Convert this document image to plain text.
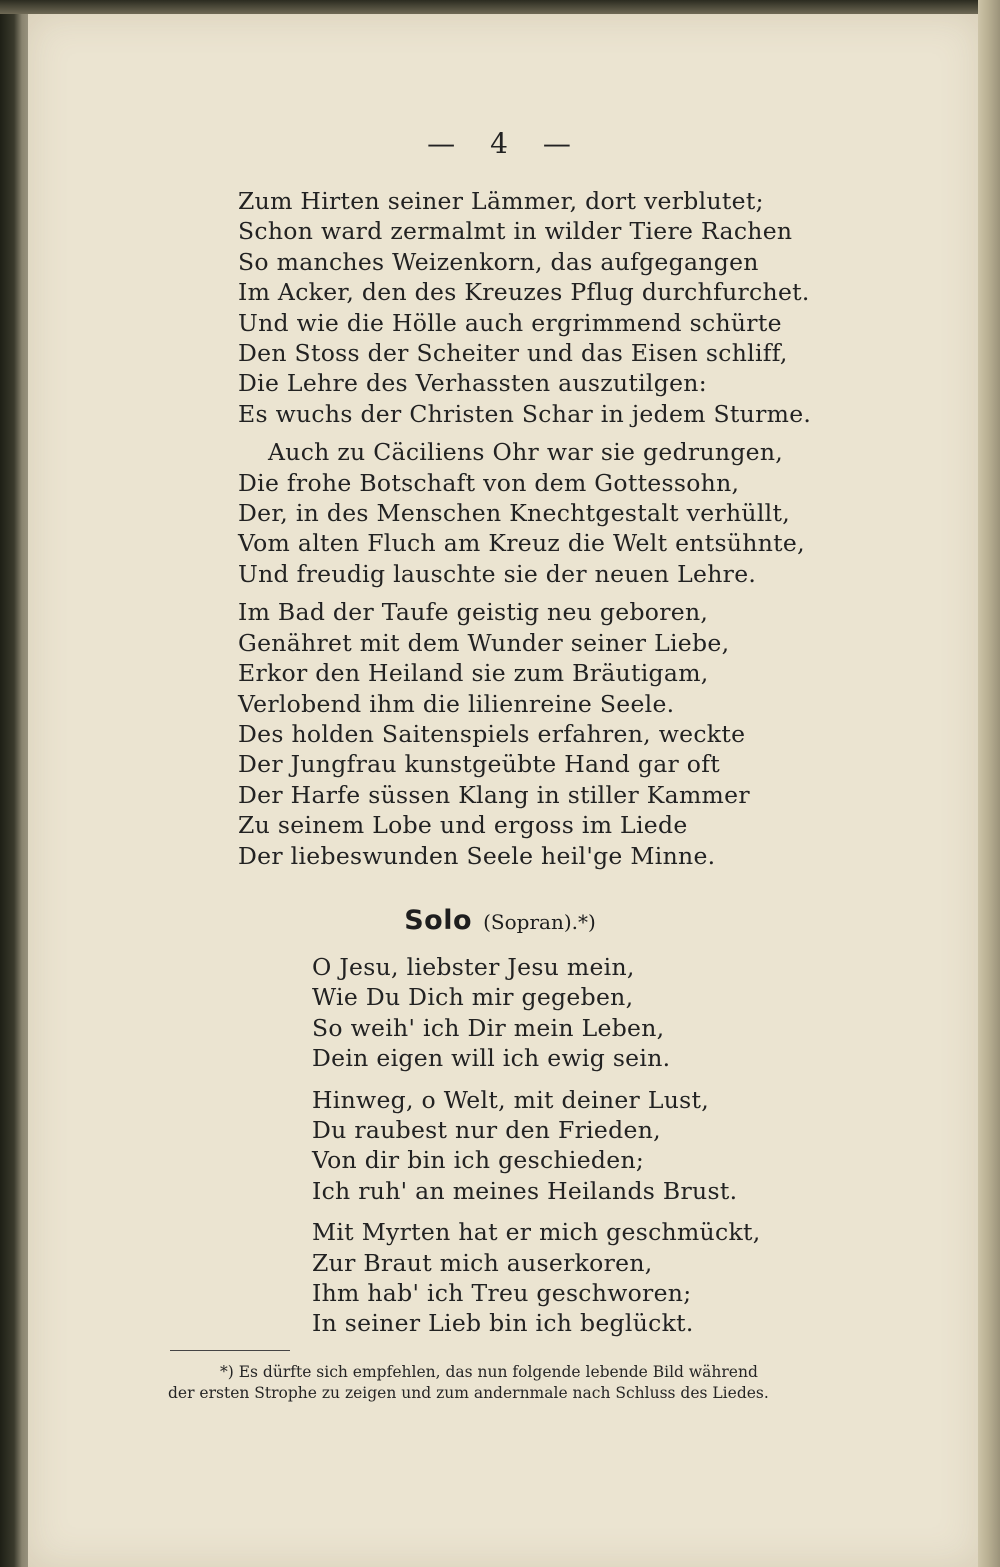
— 4 —

Zum Hirten seiner Lämmer, dort verblutet;

Schon ward zermalmt in wilder Tiere Rachen

So manches Weizenkorn, das aufgegangen

Im Acker, den des Kreuzes Pflug durchfurchet.

Und wie die Hölle auch ergrimmend schürte

Den Stoss der Scheiter und das Eisen schliff,

Die Lehre des Verhassten auszutilgen:

Es wuchs der Christen Schar in jedem Sturme.

Auch zu Cäciliens Ohr war sie gedrungen,

Die frohe Botschaft von dem Gottessohn,

Der, in des Menschen Knechtgestalt verhüllt,

Vom alten Fluch am Kreuz die Welt entsühnte,

Und freudig lauschte sie der neuen Lehre.

Im Bad der Taufe geistig neu geboren,

Genähret mit dem Wunder seiner Liebe,

Erkor den Heiland sie zum Bräutigam,

Verlobend ihm die lilienreine Seele.

Des holden Saitenspiels erfahren, weckte

Der Jungfrau kunstgeübte Hand gar oft

Der Harfe süssen Klang in stiller Kammer

Zu seinem Lobe und ergoss im Liede

Der liebeswunden Seele heil'ge Minne.

Solo (Sopran).*)

O Jesu, liebster Jesu mein,

Wie Du Dich mir gegeben,

So weih' ich Dir mein Leben,

Dein eigen will ich ewig sein.

Hinweg, o Welt, mit deiner Lust,

Du raubest nur den Frieden,

Von dir bin ich geschieden;

Ich ruh' an meines Heilands Brust.

Mit Myrten hat er mich geschmückt,

Zur Braut mich auserkoren,

Ihm hab' ich Treu geschworen;

In seiner Lieb bin ich beglückt.

*) Es dürfte sich empfehlen, das nun folgende lebende Bild während

der ersten Strophe zu zeigen und zum andernmale nach Schluss des Liedes.
